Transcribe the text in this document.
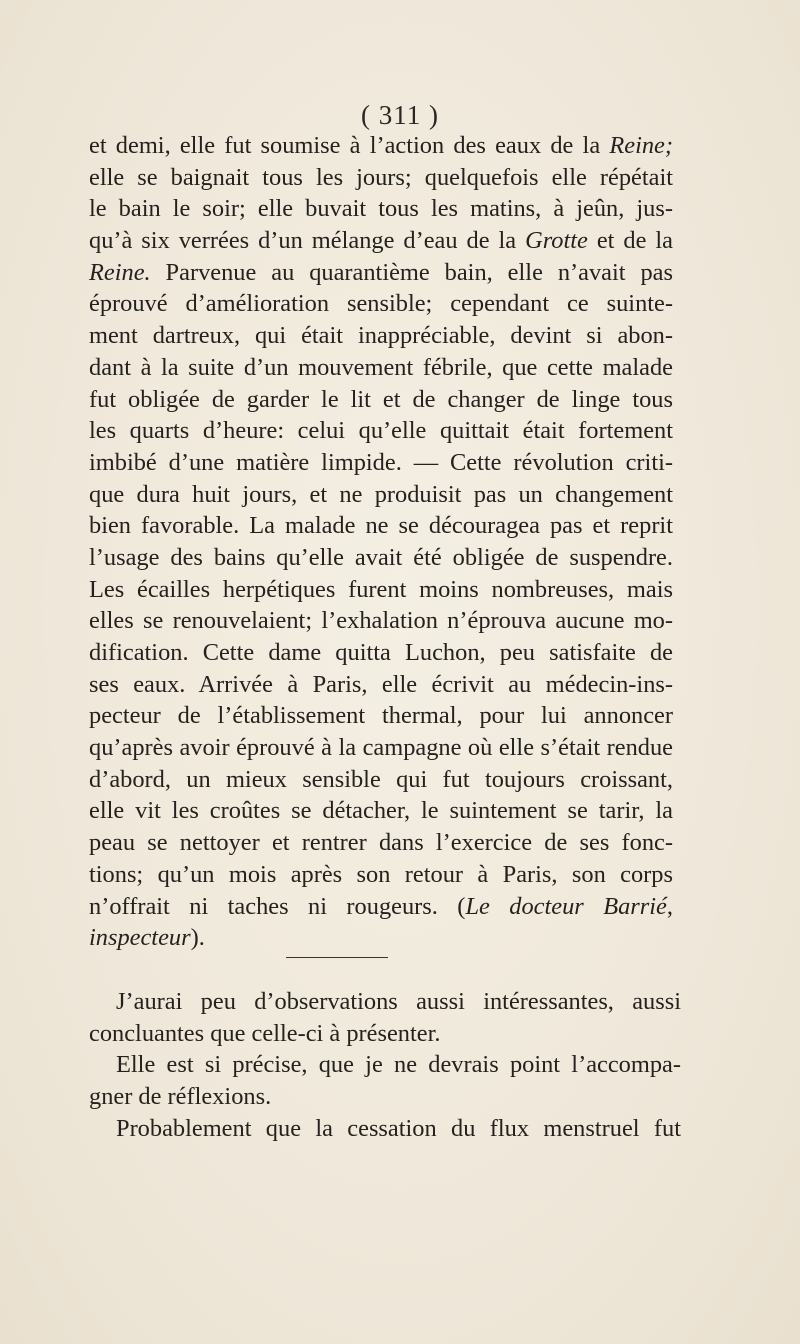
( 311 )
et demi, elle fut soumise à l’action des eaux de la Reine;
elle se baignait tous les jours; quelquefois elle répétait
le bain le soir; elle buvait tous les matins, à jeûn, jus-
qu’à six verrées d’un mélange d’eau de la Grotte et de la
Reine. Parvenue au quarantième bain, elle n’avait pas
éprouvé d’amélioration sensible; cependant ce suinte-
ment dartreux, qui était inappréciable, devint si abon-
dant à la suite d’un mouvement fébrile, que cette malade
fut obligée de garder le lit et de changer de linge tous
les quarts d’heure: celui qu’elle quittait était fortement
imbibé d’une matière limpide. — Cette révolution criti-
que dura huit jours, et ne produisit pas un changement
bien favorable. La malade ne se découragea pas et reprit
l’usage des bains qu’elle avait été obligée de suspendre.
Les écailles herpétiques furent moins nombreuses, mais
elles se renouvelaient; l’exhalation n’éprouva aucune mo-
dification. Cette dame quitta Luchon, peu satisfaite de
ses eaux. Arrivée à Paris, elle écrivit au médecin-ins-
pecteur de l’établissement thermal, pour lui annoncer
qu’après avoir éprouvé à la campagne où elle s’était rendue
d’abord, un mieux sensible qui fut toujours croissant,
elle vit les croûtes se détacher, le suintement se tarir, la
peau se nettoyer et rentrer dans l’exercice de ses fonc-
tions; qu’un mois après son retour à Paris, son corps
n’offrait ni taches ni rougeurs. (Le docteur Barrié,
inspecteur).
J’aurai peu d’observations aussi intéressantes, aussi
concluantes que celle-ci à présenter.
Elle est si précise, que je ne devrais point l’accompa-
gner de réflexions.
Probablement que la cessation du flux menstruel fut
